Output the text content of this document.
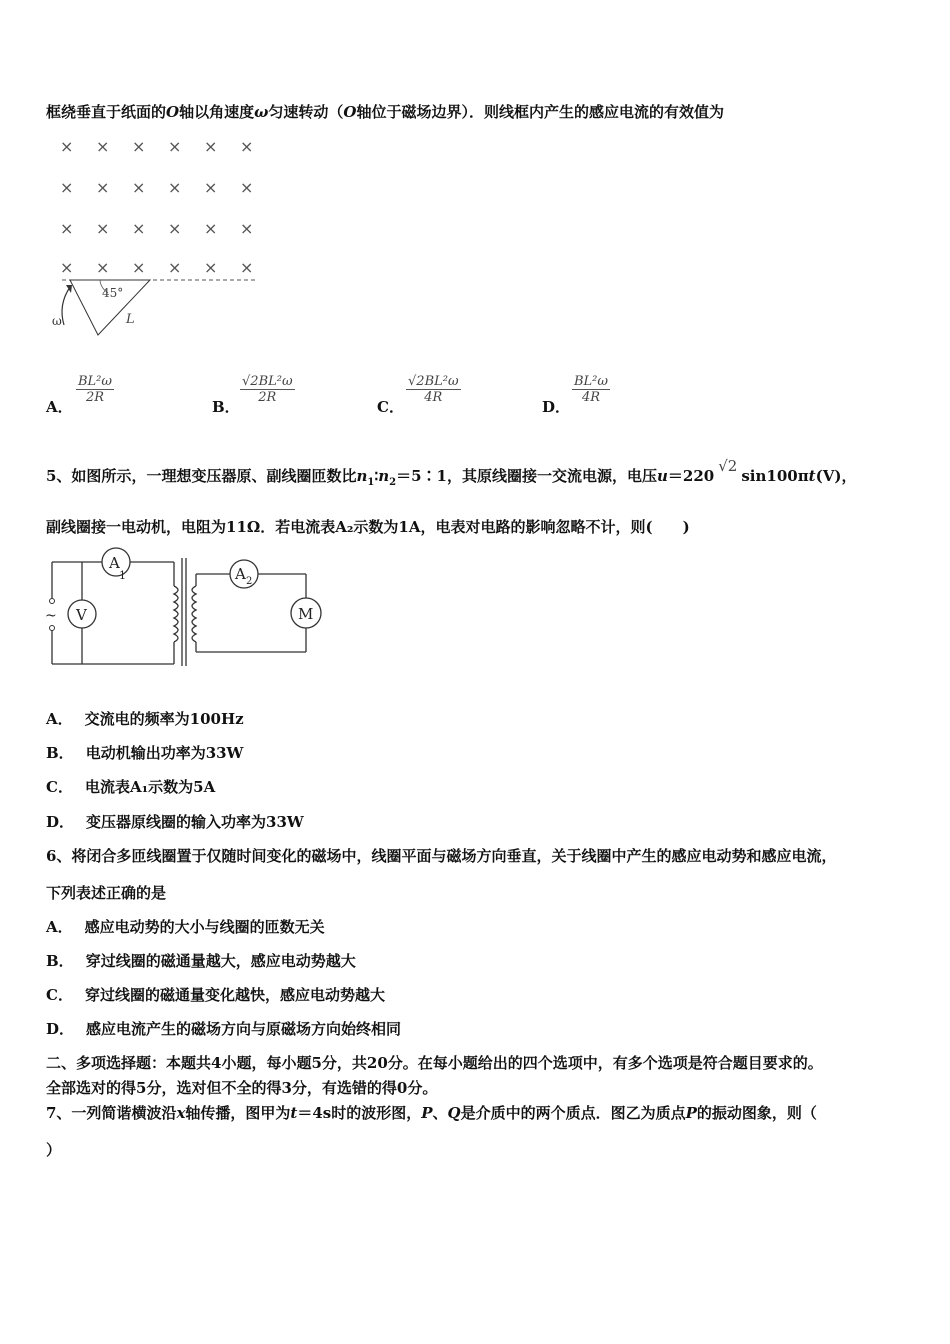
框绕垂直于纸面的O轴以角速度ω匀速转动（O轴位于磁场边界）．则线框内产生的感应电流的有效值为
× × × × × ×
× × × × × ×
× × × × × ×
× × × × × ×
45°
L
ω
A．
$\frac{\text{BL²ω}}{2R}$
B．
$\frac{\text{√2BL²ω}}{2R}$
C．
$\frac{\text{√2BL²ω}}{4R}$
D．
$\frac{\text{BL²ω}}{4R}$
5、如图所示，一理想变压器原、副线圈匝数比$n_1∶n_2=5∶1$，其原线圈接一交流电源，电压u＝220√2sin100πt(V)，
副线圈接一电动机，电阻为11Ω．若电流表A₂示数为1A，电表对电路的影响忽略不计，则(　　)
~
A
1
V
A 2
M
A． 交流电的频率为100Hz
B． 电动机输出功率为33W
C． 电流表A₁示数为5A
D． 变压器原线圈的输入功率为33W
6、将闭合多匝线圈置于仅随时间变化的磁场中，线圈平面与磁场方向垂直，关于线圈中产生的感应电动势和感应电流，
下列表述正确的是
A． 感应电动势的大小与线圈的匝数无关
B． 穿过线圈的磁通量越大，感应电动势越大
C． 穿过线圈的磁通量变化越快，感应电动势越大
D． 感应电流产生的磁场方向与原磁场方向始终相同
二、多项选择题：本题共4小题，每小题5分，共20分。在每小题给出的四个选项中，有多个选项是符合题目要求的。
全部选对的得5分，选对但不全的得3分，有选错的得0分。
7、一列简谐横波沿x轴传播，图甲为t＝4s时的波形图，P、Q是介质中的两个质点．图乙为质点P的振动图象，则（
）
